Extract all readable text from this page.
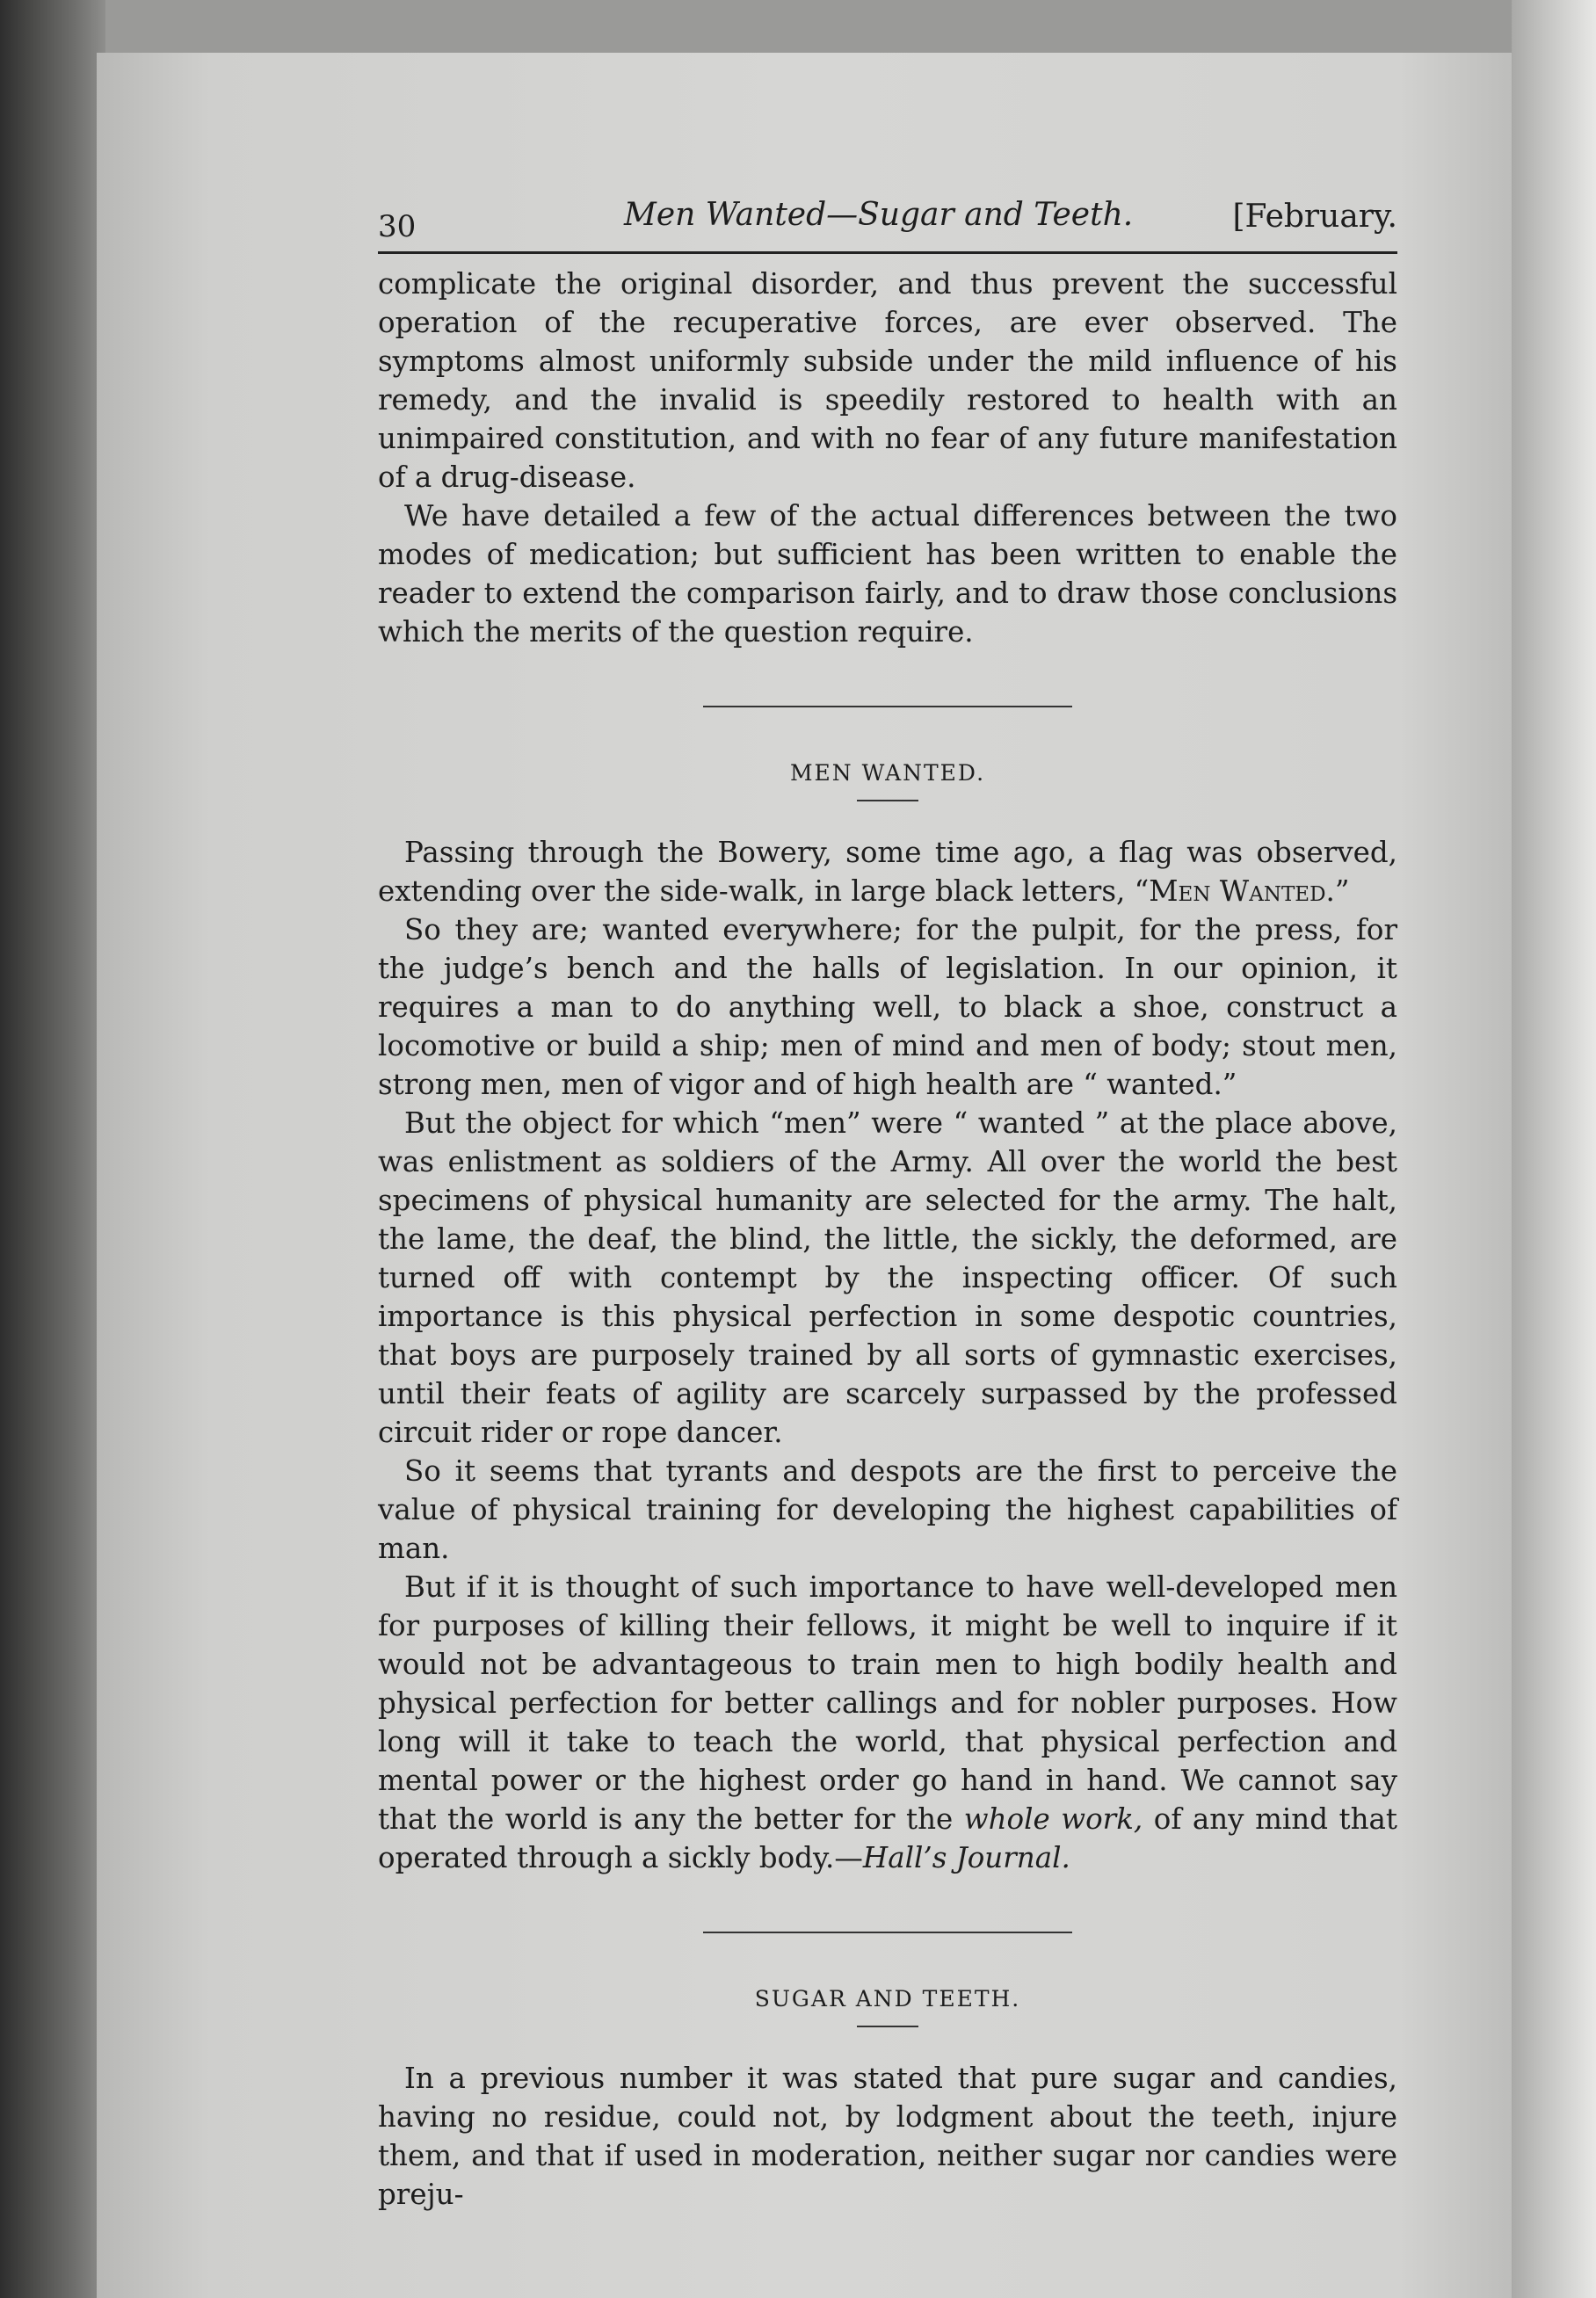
30	Men Wanted—Sugar and Teeth.	[February.

complicate the original disorder, and thus prevent the successful operation of the recuperative forces, are ever observed. The symptoms almost uniformly subside under the mild influence of his remedy, and the invalid is speedily restored to health with an unimpaired constitution, and with no fear of any future manifestation of a drug-disease.

We have detailed a few of the actual differences between the two modes of medication; but sufficient has been written to enable the reader to extend the comparison fairly, and to draw those conclusions which the merits of the question require.

MEN WANTED.

Passing through the Bowery, some time ago, a flag was observed, extending over the side-walk, in large black letters, “Men Wanted.”

So they are; wanted everywhere; for the pulpit, for the press, for the judge’s bench and the halls of legislation. In our opinion, it requires a man to do anything well, to black a shoe, construct a locomotive or build a ship; men of mind and men of body; stout men, strong men, men of vigor and of high health are “ wanted.”

But the object for which “men” were “ wanted ” at the place above, was enlistment as soldiers of the Army. All over the world the best specimens of physical humanity are selected for the army. The halt, the lame, the deaf, the blind, the little, the sickly, the deformed, are turned off with contempt by the inspecting officer. Of such importance is this physical perfection in some despotic countries, that boys are purposely trained by all sorts of gymnastic exercises, until their feats of agility are scarcely surpassed by the professed circuit rider or rope dancer.

So it seems that tyrants and despots are the first to perceive the value of physical training for developing the highest capabilities of man.

But if it is thought of such importance to have well-developed men for purposes of killing their fellows, it might be well to inquire if it would not be advantageous to train men to high bodily health and physical perfection for better callings and for nobler purposes. How long will it take to teach the world, that physical perfection and mental power or the highest order go hand in hand. We cannot say that the world is any the better for the whole work, of any mind that operated through a sickly body.—Hall’s Journal.

SUGAR AND TEETH.

In a previous number it was stated that pure sugar and candies, having no residue, could not, by lodgment about the teeth, injure them, and that if used in moderation, neither sugar nor candies were preju-
